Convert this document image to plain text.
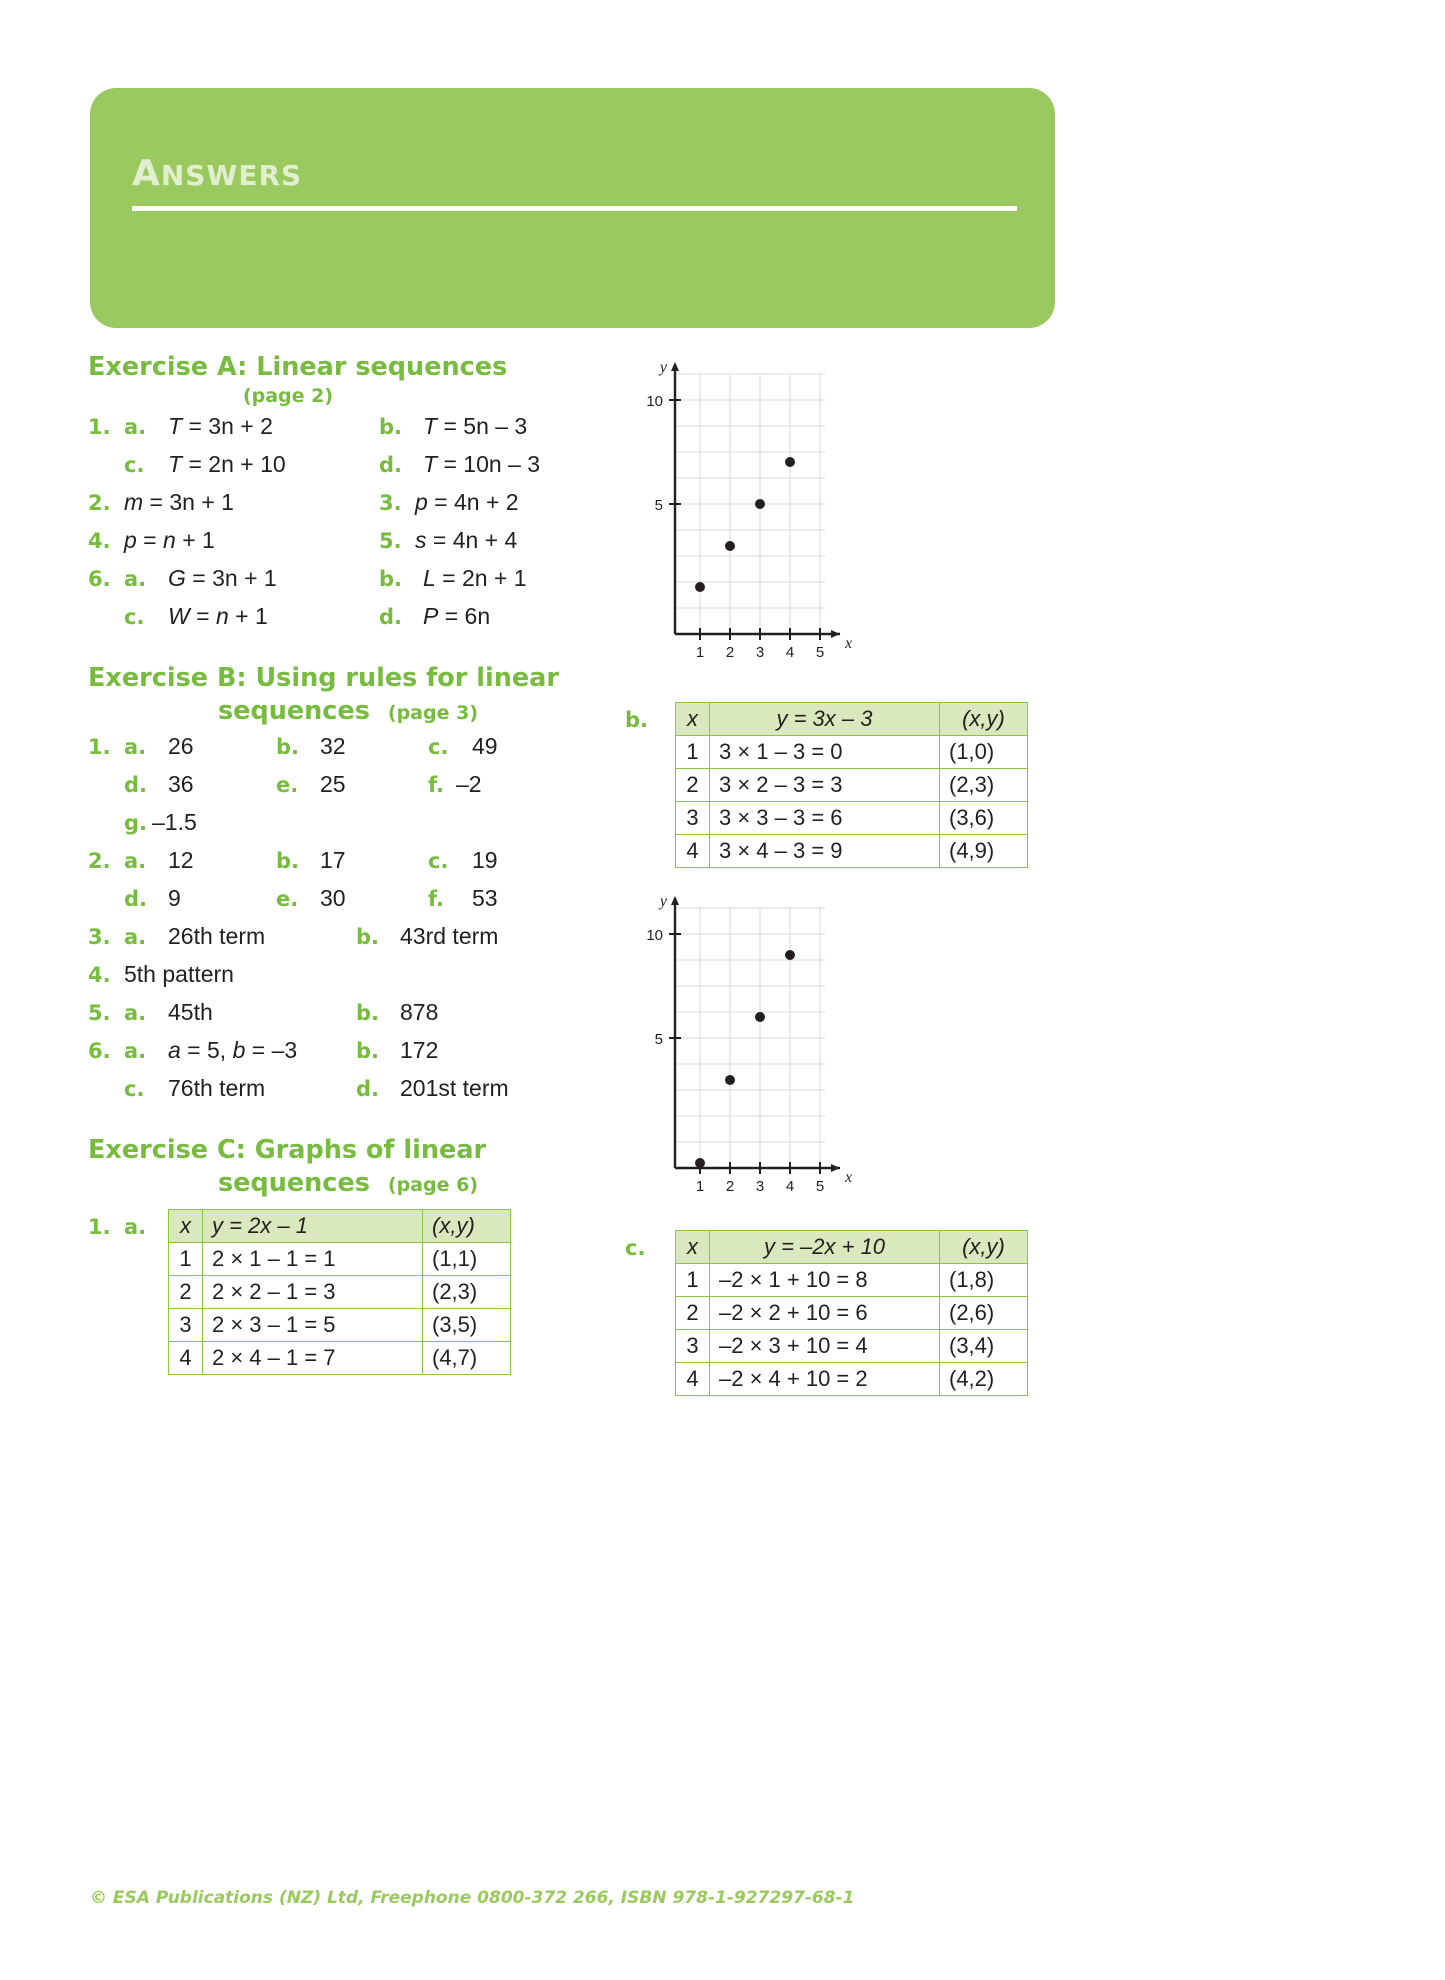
answers
Exercise A: Linear sequences
(page 2)
1. a. T = 3n + 2	b. T = 5n – 3
c.	T = 2n + 10	d. T = 10n – 3
2. m = 3n + 1	3. p = 4n + 2
4. p = n + 1	5. s = 4n + 4
6. a. G = 3n + 1	b. L = 2n + 1
c.	W = n + 1	d. P = 6n
Exercise B: Using rules for linear
sequences (page 3)
1. a. 26	b. 32	c.	49
d. 36	e. 25	f. –2
g. –1.5
2. a. 12	b. 17	c.	19
d. 9	e. 30	f.	53
3. a. 26th term	b. 43rd term
4. 5th pattern
5. a. 45th	b. 878
6. a. a = 5, b = –3	b. 172
c.	76th term	d. 201st term
Exercise C: Graphs of linear
sequences (page 6)
1. a.	x	y = 2x – 1	(x,y)
1	2 × 1 – 1 = 1	(1,1)
2	2 × 2 – 1 = 3	(2,3)
3	2 × 3 – 1 = 5	(3,5)
4	2 × 4 – 1 = 7	(4,7)
y
x
10
5
1 2 3 4 5
b.	x	y = 3x – 3	(x,y)
1	3 × 1 – 3 = 0	(1,0)
2	3 × 2 – 3 = 3	(2,3)
3	3 × 3 – 3 = 6	(3,6)
4	3 × 4 – 3 = 9	(4,9)
y
x
10
5
1 2 3 4 5
c.	x	y = –2x + 10	(x,y)
1	–2 × 1 + 10 = 8	(1,8)
2	–2 × 2 + 10 = 6	(2,6)
3	–2 × 3 + 10 = 4	(3,4)
4	–2 × 4 + 10 = 2	(4,2)
© ESA Publications (NZ) Ltd, Freephone 0800-372 266, ISBN 978-1-927297-68-1
